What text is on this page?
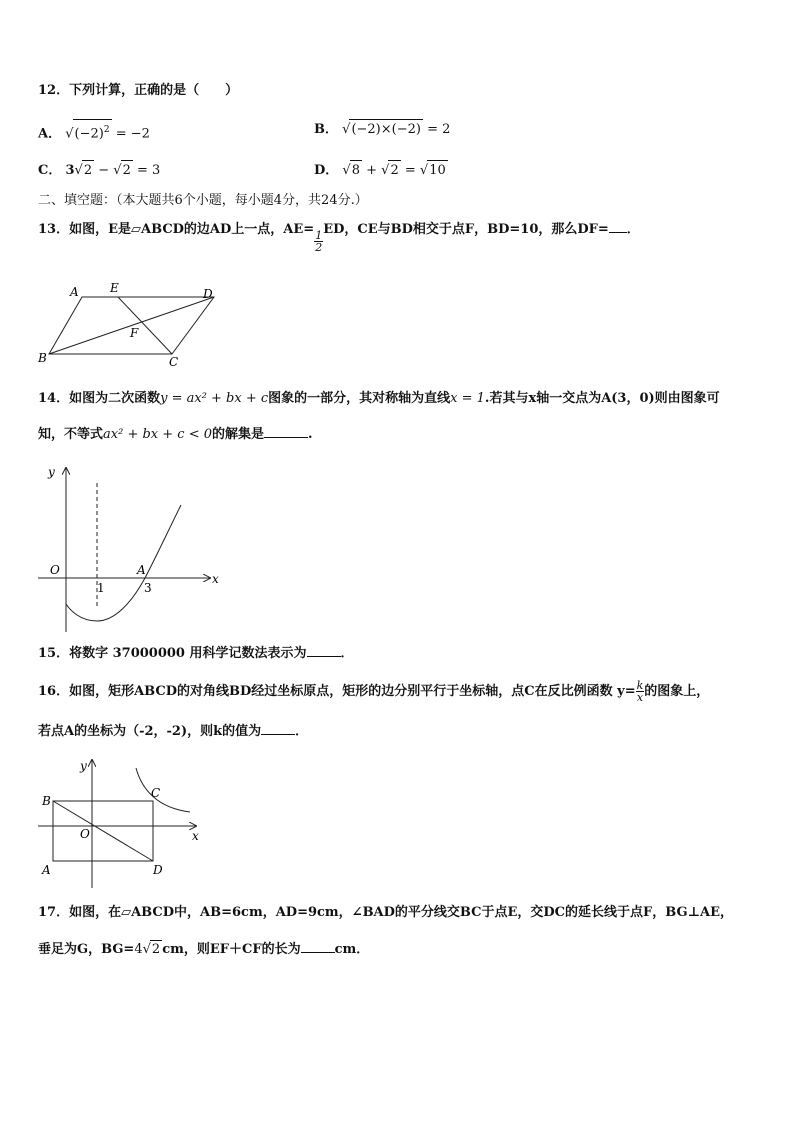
12．下列计算，正确的是（　　）
A． $√(-2)^2 = -2$	B． √(−2)×(−2) = 2
C． 3√2 − √2 = 3	D． √8 + √2 = √10
二、填空题：（本大题共6个小题，每小题4分，共24分.）
13．如图，E是▱ABCD的边AD上一点，AE=
$\frac{1}{2}$
ED，CE与BD相交于点F，BD=10，那么DF= ．
A	E	D
F
B	C
14．如图为二次函数y = ax² + bx + c图象的一部分，其对称轴为直线x = 1.若其与x轴一交点为A(3，0)则由图象可
知，不等式ax² + bx + c < 0的解集是	.
y
x
O	A
1	3
15．将数字 37000000 用科学记数法表示为	．
16．如图，矩形ABCD的对角线BD经过坐标原点，矩形的边分别平行于坐标轴，点C在反比例函数 $y= \frac{k}{x}$ 的图象上，
若点A的坐标为（-2，-2)，则k的值为	．
y
x
O
A
B
C
D
17．如图，在▱ABCD中，AB=6cm，AD=9cm，∠BAD的平分线交BC于点E，交DC的延长线于点F，BG⊥AE，
垂足为G，BG=4√2 cm，则EF＋CF的长为	cm．
